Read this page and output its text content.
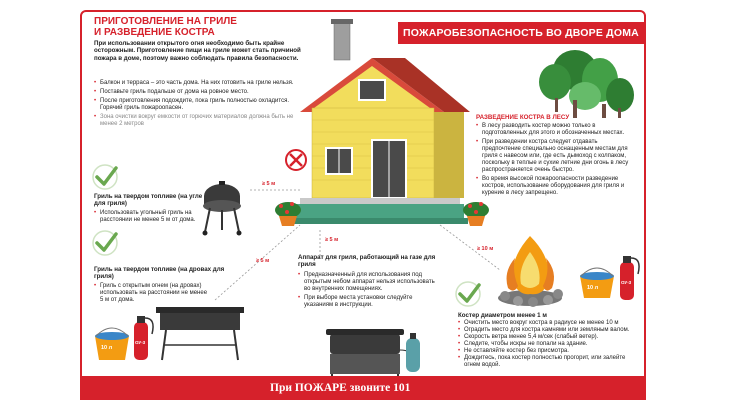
ПРИГОТОВЛЕНИЕ НА ГРИЛЕ
И РАЗВЕДЕНИЕ КОСТРА
При использовании открытого огня необходимо быть крайне осторожным. Приготовление пищи на гриле может стать причиной пожара в доме, поэтому важно соблюдать правила безопасности.
• Балкон и терраса – это часть дома. На них готовить на гриле нельзя.
• Поставьте гриль подальше от дома на ровное место.
• После приготовления подождите, пока гриль полностью охладится. Горячий гриль пожароопасен.
• Зона очистки вокруг емкости от горючих материалов должна быть не менее 2 метров
ПОЖАРОБЕЗОПАСНОСТЬ ВО ДВОРЕ ДОМА
10 л
ОУ-3
10 л
ОУ-3
≥ 5 м
≥ 5 м
≥ 5 м
≥ 10 м
Гриль на твердом топливе (на угле для гриля)
• Использовать угольный гриль на расстоянии не менее 5 м от дома.
Гриль на твердом топливе (на дровах для гриля)
• Гриль с открытым огнем (на дровах) использовать на расстоянии не менее 5 м от дома.
Аппарат для гриля, работающий на газе для гриля
• Предназначенный для использования под открытым небом аппарат нельзя использовать во внутренних помещениях.
• При выборе места установки следуйте указаниям в инструкции.
РАЗВЕДЕНИЕ КОСТРА В ЛЕСУ
• В лесу разводить костер можно только в подготовленных для этого и обозначенных местах.
• При разведении костра следует отдавать предпочтение специально оснащенным местам для гриля с навесом или, где есть дымоход с колпаком, поскольку в теплые и сухие летние дни огонь в лесу распространяется очень быстро.
• Во время высокой пожароопасности разведение костров, использование оборудования для гриля и курение в лесу запрещено.
Костер диаметром менее 1 м
• Очистить место вокруг костра в радиусе не менее 10 м
• Оградить место для костра камнями или земляным валом.
• Скорость ветра менее 5,4 м/сек (слабый ветер).
• Следите, чтобы искры не попали на здание.
• Не оставляйте костер без присмотра.
• Дождитесь, пока костер полностью прогорит, или залейте огнем водой.
При ПОЖАРЕ звоните 101
